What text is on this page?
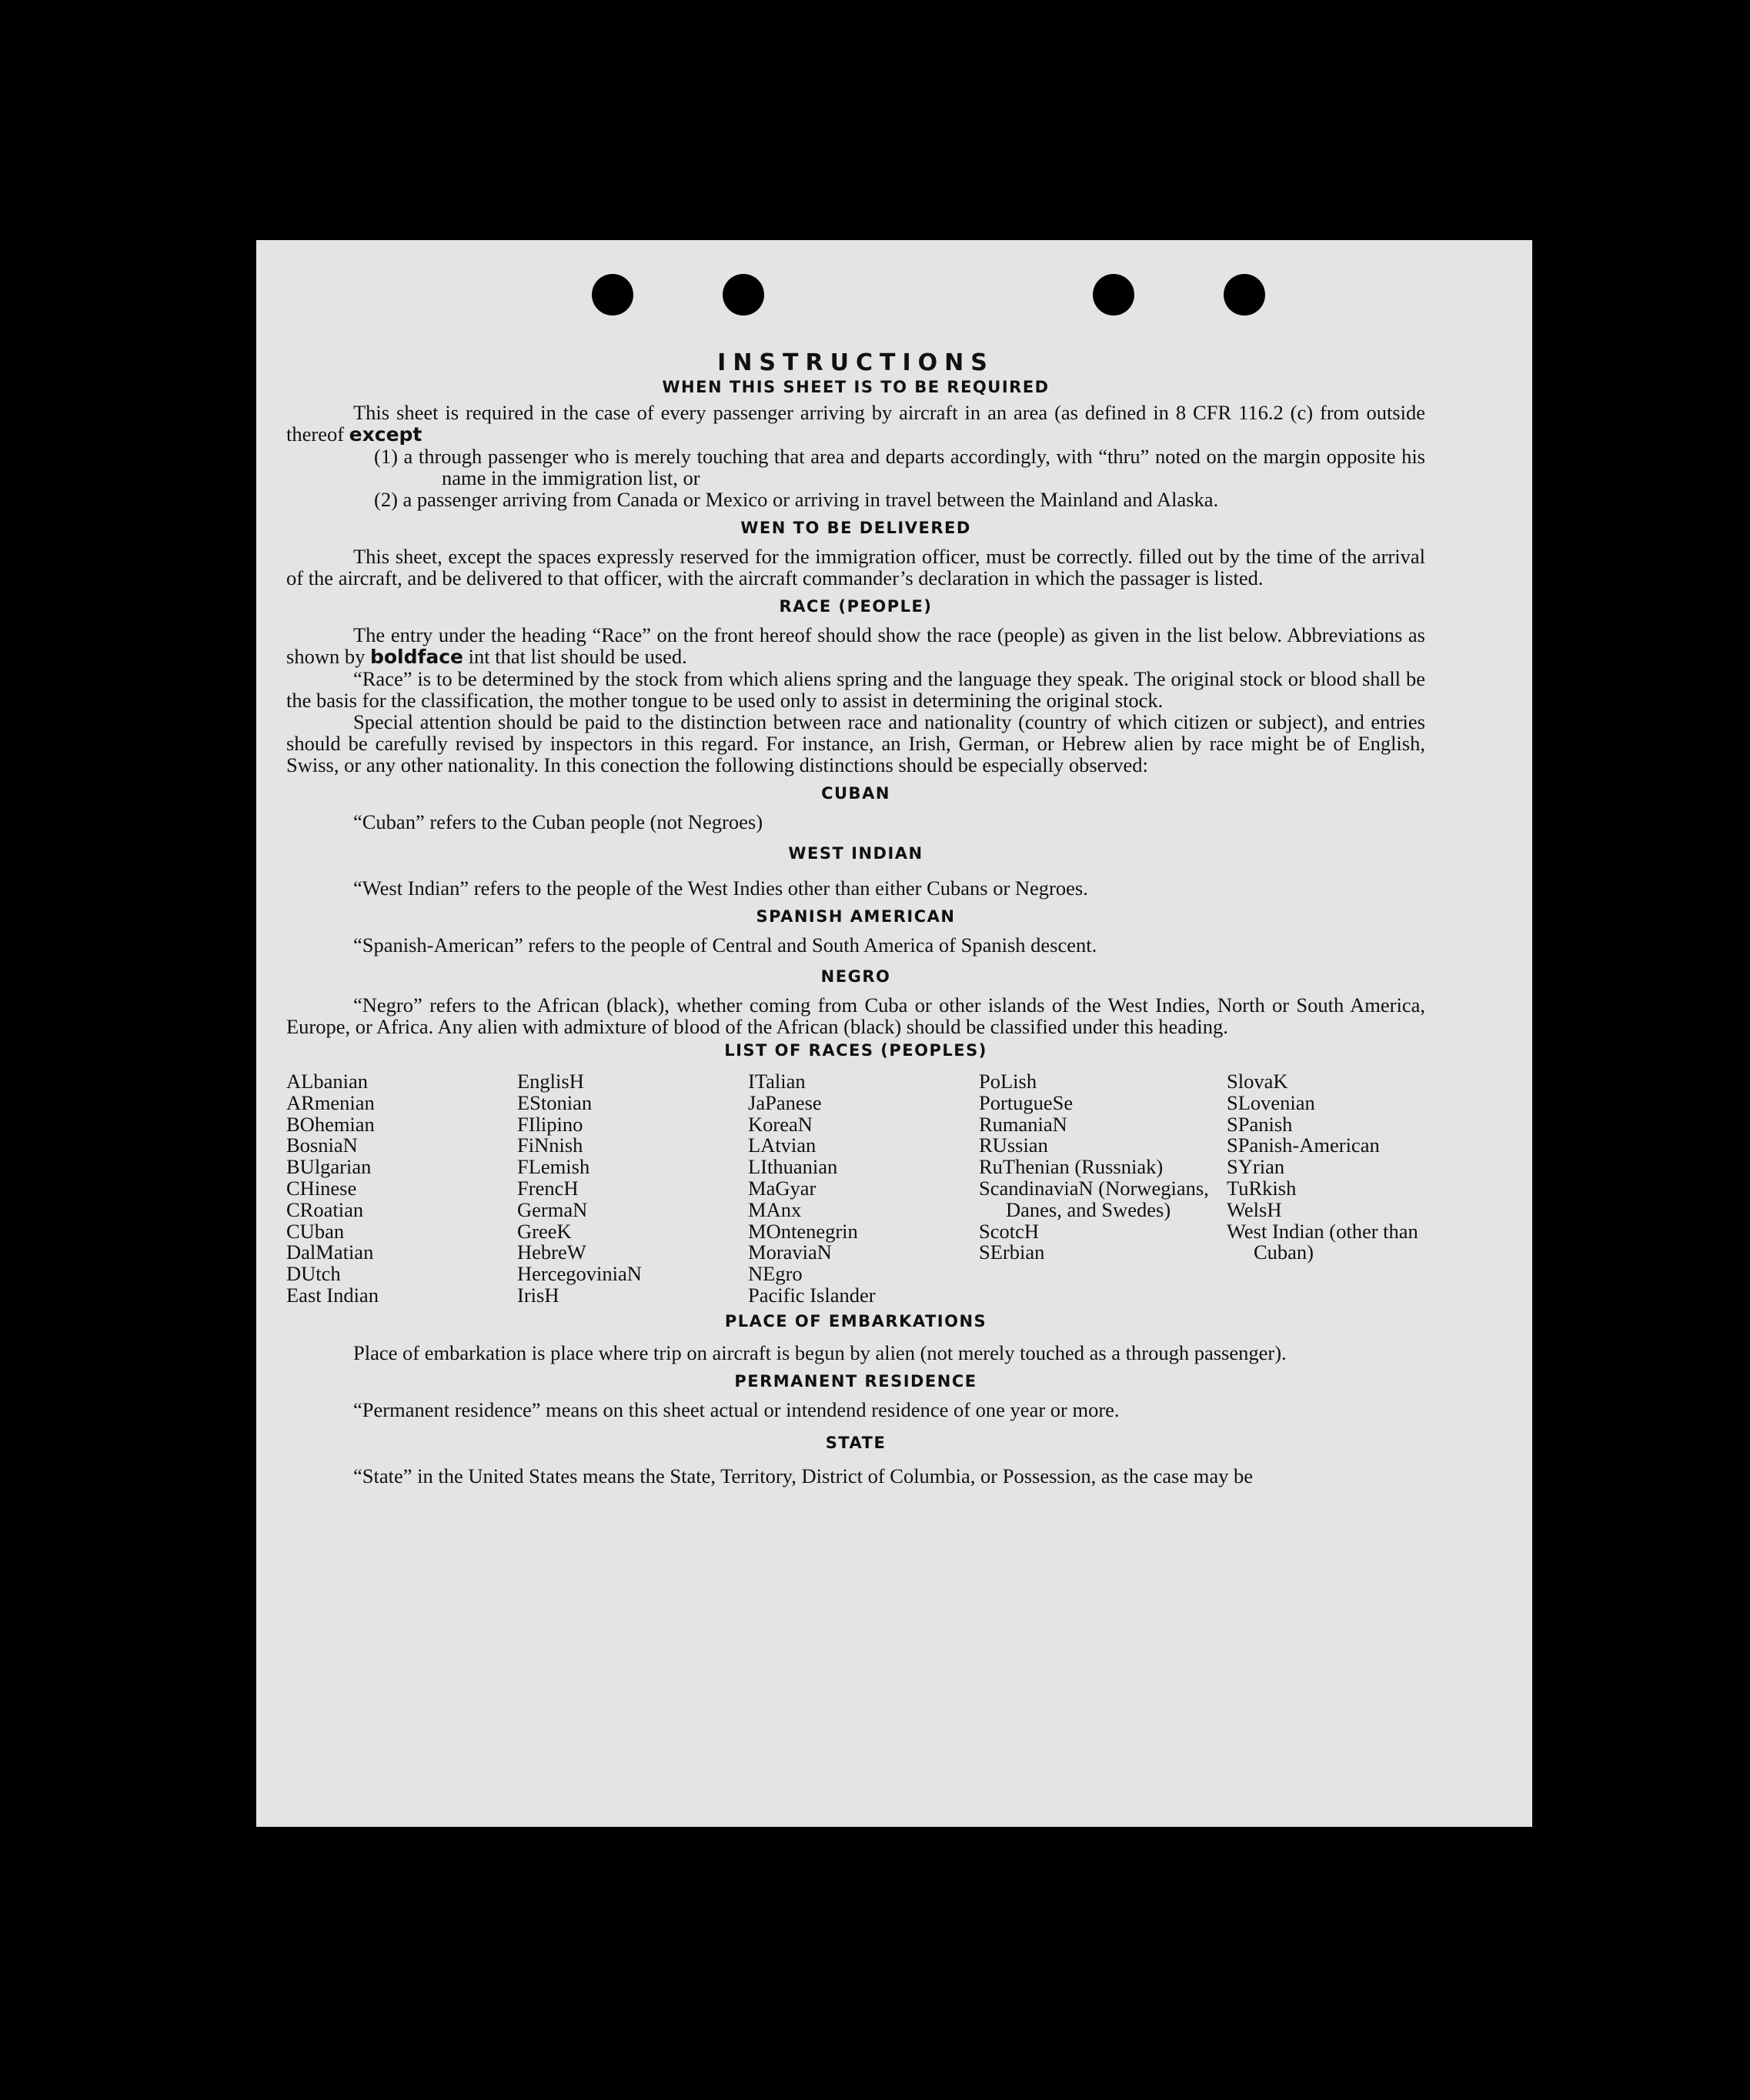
INSTRUCTIONS
WHEN THIS SHEET IS TO BE REQUIRED

This sheet is required in the case of every passenger arriving by aircraft in an area (as defined in 8 CFR 116.2 (c) from outside thereof except

(1) a through passenger who is merely touching that area and departs accordingly, with “thru” noted on the margin opposite his name in the immigration list, or

(2) a passenger arriving from Canada or Mexico or arriving in travel between the Mainland and Alaska.

WEN TO BE DELIVERED

This sheet, except the spaces expressly reserved for the immigration officer, must be correctly. filled out by the time of the arrival of the aircraft, and be delivered to that officer, with the aircraft commander’s declaration in which the passager is listed.

RACE (PEOPLE)

The entry under the heading “Race” on the front hereof should show the race (people) as given in the list below. Abbreviations as shown by boldface int that list should be used.

“Race” is to be determined by the stock from which aliens spring and the language they speak. The original stock or blood shall be the basis for the classification, the mother tongue to be used only to assist in determining the original stock.

Special attention should be paid to the distinction between race and nationality (country of which citizen or subject), and entries should be carefully revised by inspectors in this regard. For instance, an Irish, German, or Hebrew alien by race might be of English, Swiss, or any other nationality. In this conection the following distinctions should be especially observed:

CUBAN

“Cuban” refers to the Cuban people (not Negroes)

WEST INDIAN

“West Indian” refers to the people of the West Indies other than either Cubans or Negroes.

SPANISH AMERICAN

“Spanish-American” refers to the people of Central and South America of Spanish descent.

NEGRO

“Negro” refers to the African (black), whether coming from Cuba or other islands of the West Indies, North or South America, Europe, or Africa. Any alien with admixture of blood of the African (black) should be classified under this heading.

LIST OF RACES (PEOPLES)
ALbanian
ARmenian
BOhemian
BosniaN
BUlgarian
CHinese
CRoatian
CUban
DalMatian
DUtch
East Indian
EnglisH
EStonian
FIlipino
FiNnish
FLemish
FrencH
GermaN
GreeK
HebreW
HercegoviniaN
IrisH
ITalian
JaPanese
KoreaN
LAtvian
LIthuanian
MaGyar
MAnx
MOntenegrin
MoraviaN
NEgro
Pacific Islander
PoLish
PortugueSe
RumaniaN
RUssian
RuThenian (Russniak)
ScandinaviaN (Norwegians, Danes, and Swedes)
ScotcH
SErbian
SlovaK
SLovenian
SPanish
SPanish-American
SYrian
TuRkish
WelsH
West Indian (other than Cuban)
PLACE OF EMBARKATIONS

Place of embarkation is place where trip on aircraft is begun by alien (not merely touched as a through passenger).

PERMANENT RESIDENCE

“Permanent residence” means on this sheet actual or intendend residence of one year or more.

STATE

“State” in the United States means the State, Territory, District of Columbia, or Possession, as the case may be
